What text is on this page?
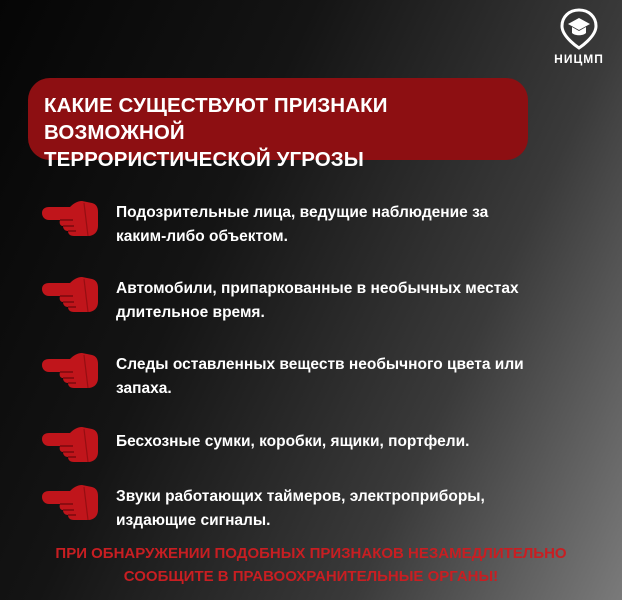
НИЦМП
КАКИЕ СУЩЕСТВУЮТ ПРИЗНАКИ ВОЗМОЖНОЙ
ТЕРРОРИСТИЧЕСКОЙ УГРОЗЫ
Подозрительные лица, ведущие наблюдение за
каким-либо объектом.
Автомобили, припаркованные в необычных местах
длительное время.
Следы оставленных веществ необычного цвета или
запаха.
Бесхозные сумки, коробки, ящики, портфели.
Звуки работающих таймеров, электроприборы,
издающие сигналы.
ПРИ ОБНАРУЖЕНИИ ПОДОБНЫХ ПРИЗНАКОВ НЕЗАМЕДЛИТЕЛЬНО
СООБЩИТЕ В ПРАВООХРАНИТЕЛЬНЫЕ ОРГАНЫ!
